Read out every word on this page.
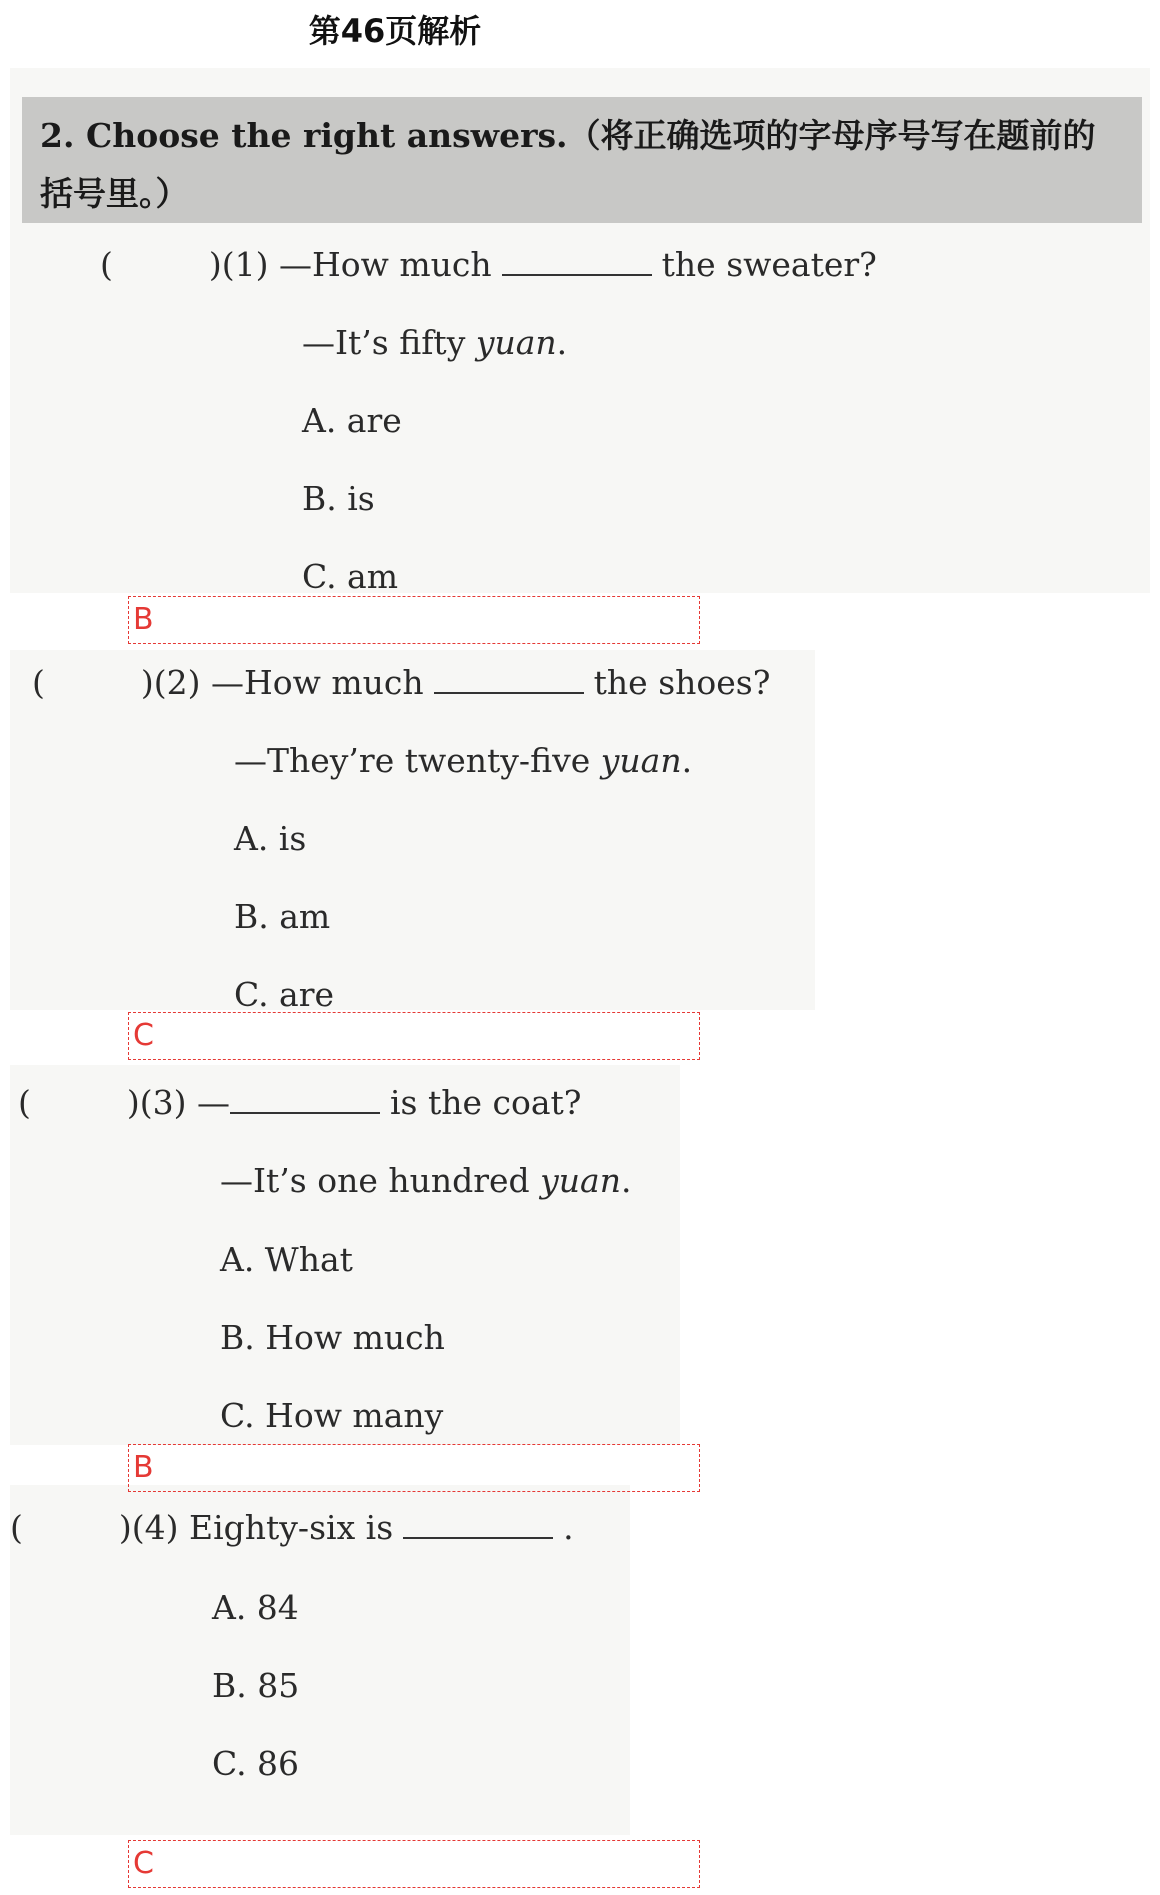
第46页解析
2. Choose the right answers.（将正确选项的字母序号写在题前的括号里。）
(	)(1) —How much	the sweater?
—It’s fifty yuan.
A. are
B. is
C. am
B
(	)(2) —How much	the shoes?
—They’re twenty-five yuan.
A. is
B. am
C. are
C
(	)(3) —	is the coat?
—It’s one hundred yuan.
A. What
B. How much
C. How many
B
(	)(4) Eighty-six is	.
A. 84
B. 85
C. 86
C
